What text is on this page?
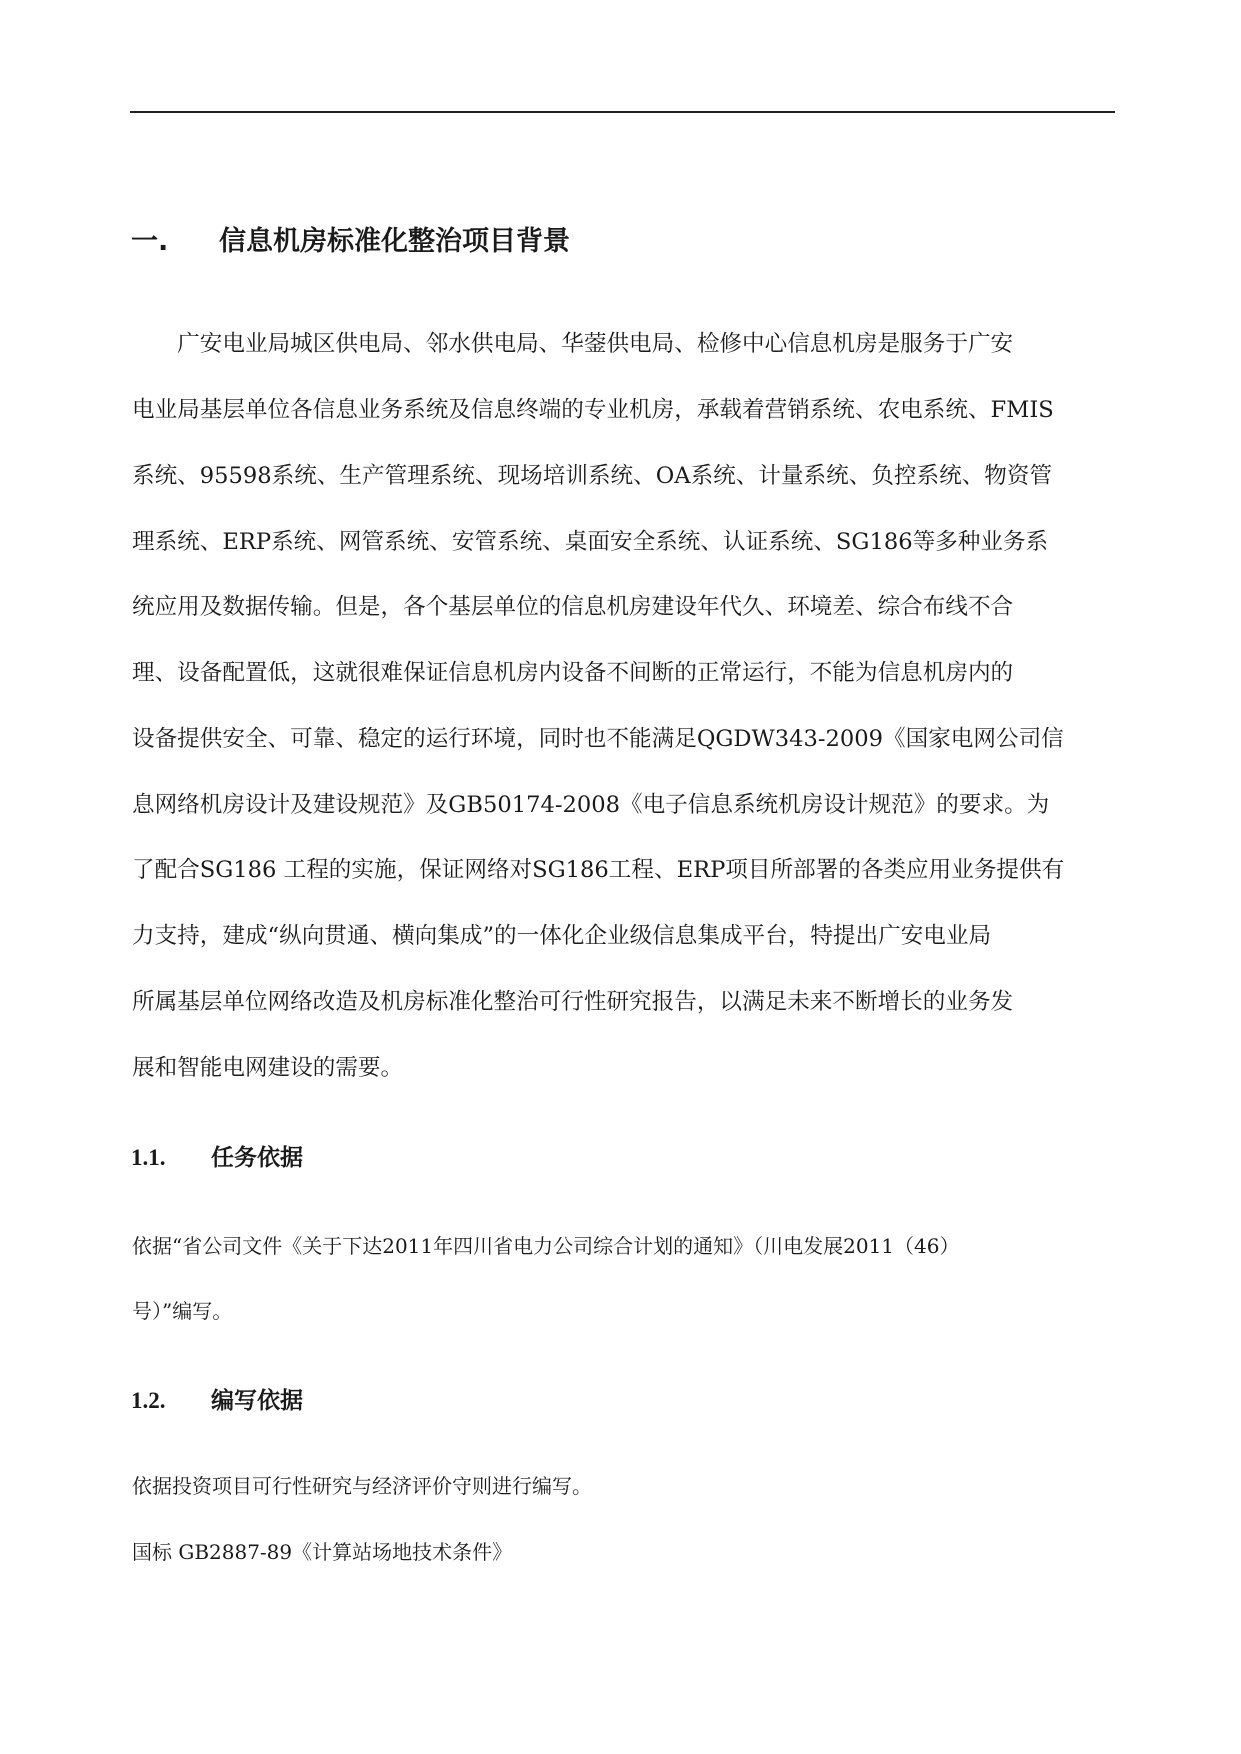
一. 信息机房标准化整治项目背景
　　广安电业局城区供电局、邻水供电局、华蓥供电局、检修中心信息机房是服务于广安
电业局基层单位各信息业务系统及信息终端的专业机房，承载着营销系统、农电系统、FMIS
系统、95598系统、生产管理系统、现场培训系统、OA系统、计量系统、负控系统、物资管
理系统、ERP系统、网管系统、安管系统、桌面安全系统、认证系统、SG186等多种业务系
统应用及数据传输。但是，各个基层单位的信息机房建设年代久、环境差、综合布线不合
理、设备配置低，这就很难保证信息机房内设备不间断的正常运行，不能为信息机房内的
设备提供安全、可靠、稳定的运行环境，同时也不能满足QGDW343-2009《国家电网公司信
息网络机房设计及建设规范》及GB50174-2008《电子信息系统机房设计规范》的要求。为
了配合SG186 工程的实施，保证网络对SG186工程、ERP项目所部署的各类应用业务提供有
力支持，建成“纵向贯通、横向集成”的一体化企业级信息集成平台，特提出广安电业局
所属基层单位网络改造及机房标准化整治可行性研究报告，以满足未来不断增长的业务发
展和智能电网建设的需要。
1.1. 任务依据
依据“省公司文件《关于下达2011年四川省电力公司综合计划的通知》（川电发展2011（46）
号）”编写。
1.2. 编写依据
依据投资项目可行性研究与经济评价守则进行编写。
国标 GB2887-89《计算站场地技术条件》
